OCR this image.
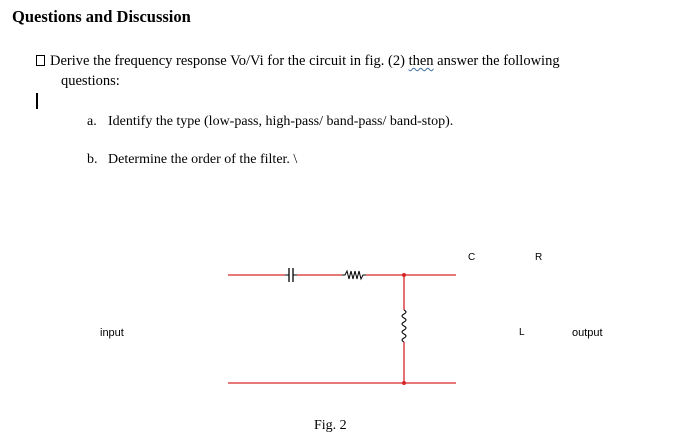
Questions and Discussion
Derive the frequency response Vo/Vi for the circuit in fig. (2) then answer the following
questions:
a. Identify the type (low-pass, high-pass/ band-pass/ band-stop).
b. Determine the order of the filter. \
C	R
input	L	output
Fig. 2
